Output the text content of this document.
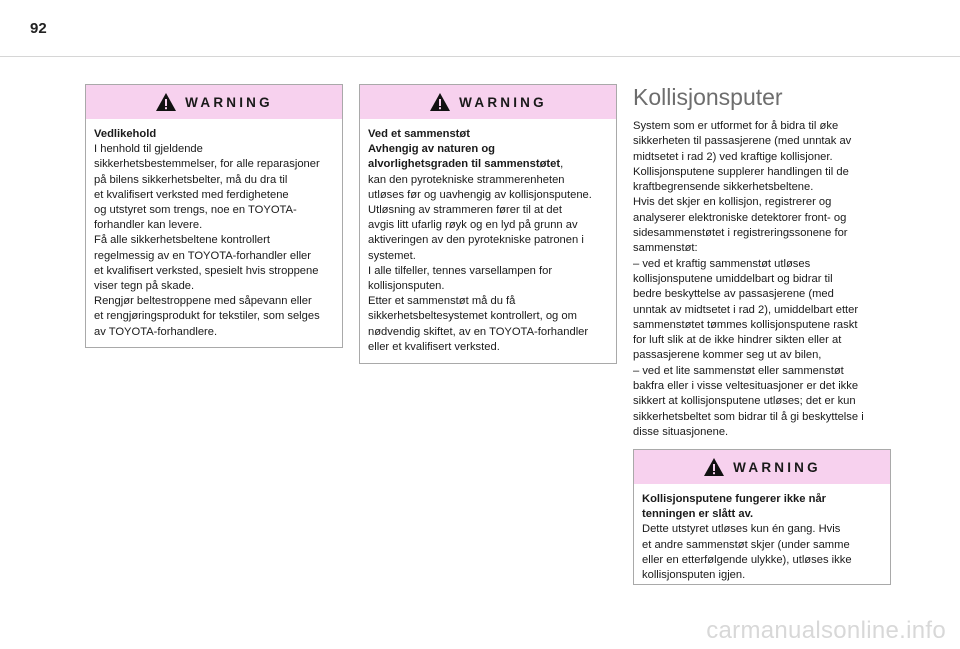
92
WARNING
Vedlikehold
I henhold til gjeldende
sikkerhetsbestemmelser, for alle reparasjoner
på bilens sikkerhetsbelter, må du dra til
et kvalifisert verksted med ferdighetene
og utstyret som trengs, noe en TOYOTA-
forhandler kan levere.
Få alle sikkerhetsbeltene kontrollert
regelmessig av en TOYOTA-forhandler eller
et kvalifisert verksted, spesielt hvis stroppene
viser tegn på skade.
Rengjør beltestroppene med såpevann eller
et rengjøringsprodukt for tekstiler, som selges
av TOYOTA-forhandlere.
WARNING
Ved et sammenstøt
Avhengig av naturen og
alvorlighetsgraden til sammenstøtet,
kan den pyrotekniske strammerenheten
utløses før og uavhengig av kollisjonsputene.
Utløsning av strammeren fører til at det
avgis litt ufarlig røyk og en lyd på grunn av
aktiveringen av den pyrotekniske patronen i
systemet.
I alle tilfeller, tennes varsellampen for
kollisjonsputen.
Etter et sammenstøt må du få
sikkerhetsbeltesystemet kontrollert, og om
nødvendig skiftet, av en TOYOTA-forhandler
eller et kvalifisert verksted.
Kollisjonsputer

System som er utformet for å bidra til øke
sikkerheten til passasjerene (med unntak av
midtsetet i rad 2) ved kraftige kollisjoner.
Kollisjonsputene supplerer handlingen til de
kraftbegrensende sikkerhetsbeltene.
Hvis det skjer en kollisjon, registrerer og
analyserer elektroniske detektorer front- og
sidesammenstøtet i registreringssonene for
sammenstøt:
– ved et kraftig sammenstøt utløses
kollisjonsputene umiddelbart og bidrar til
bedre beskyttelse av passasjerene (med
unntak av midtsetet i rad 2), umiddelbart etter
sammenstøtet tømmes kollisjonsputene raskt
for luft slik at de ikke hindrer sikten eller at
passasjerene kommer seg ut av bilen,
– ved et lite sammenstøt eller sammenstøt
bakfra eller i visse veltesituasjoner er det ikke
sikkert at kollisjonsputene utløses; det er kun
sikkerhetsbeltet som bidrar til å gi beskyttelse i
disse situasjonene.

WARNING
Kollisjonsputene fungerer ikke når
tenningen er slått av.
Dette utstyret utløses kun én gang. Hvis
et andre sammenstøt skjer (under samme
eller en etterfølgende ulykke), utløses ikke
kollisjonsputen igjen.
carmanualsonline.info
